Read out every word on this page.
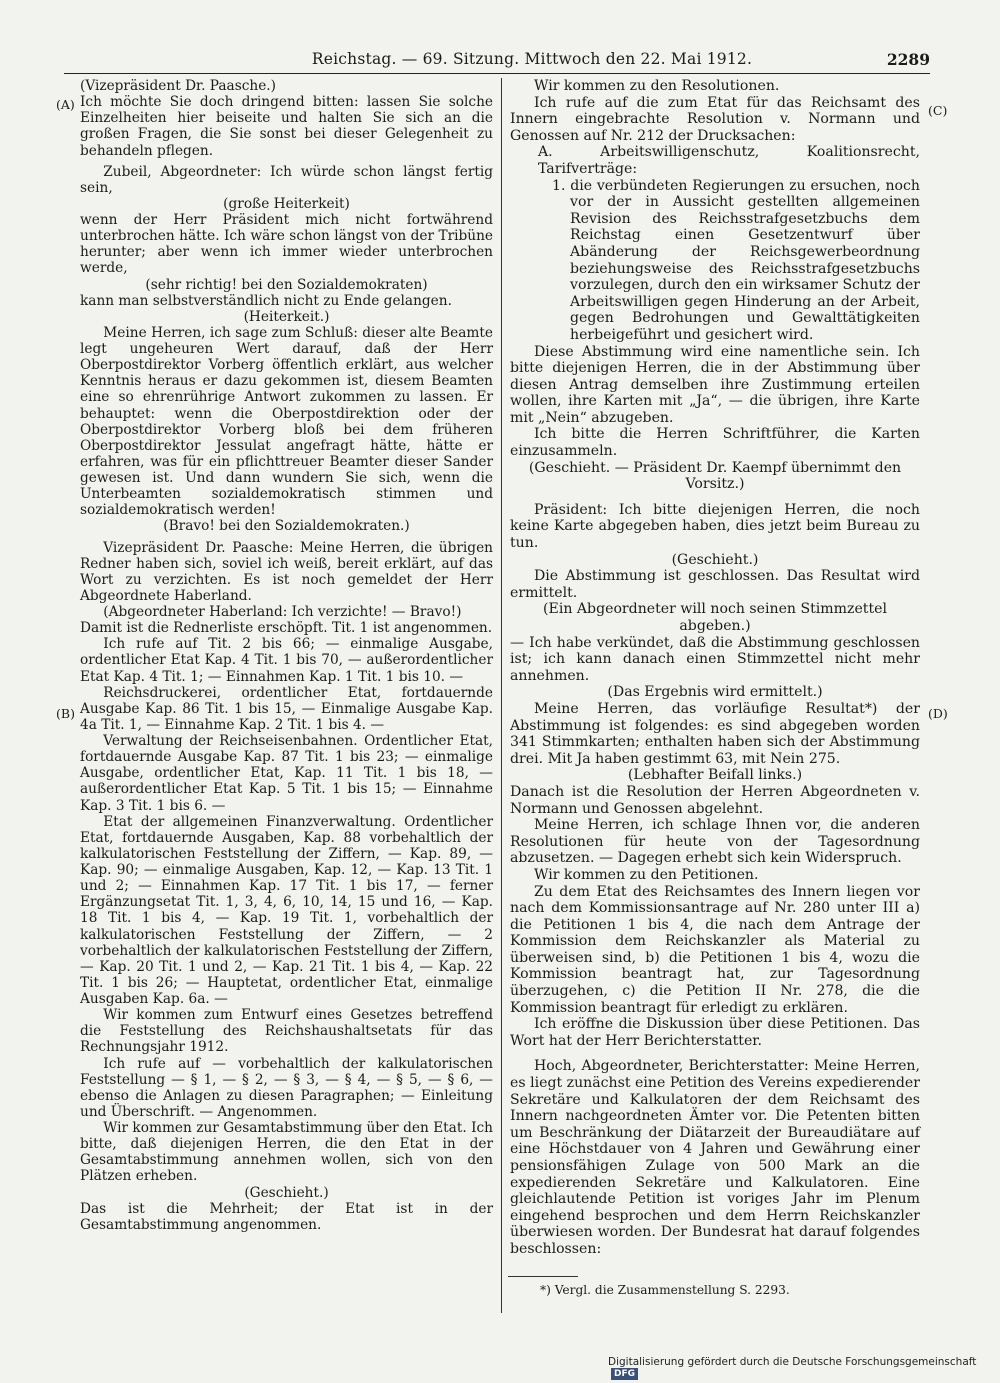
Reichstag. — 69. Sitzung. Mittwoch den 22. Mai 1912.	2289
(A)
(B)
(C)
(D)

(Vizepräsident Dr. Paasche.)

Ich möchte Sie doch dringend bitten: lassen Sie solche Einzelheiten hier beiseite und halten Sie sich an die großen Fragen, die Sie sonst bei dieser Gelegenheit zu behandeln pflegen.

Zubeil, Abgeordneter: Ich würde schon längst fertig sein,

(große Heiterkeit)

wenn der Herr Präsident mich nicht fortwährend unterbrochen hätte. Ich wäre schon längst von der Tribüne herunter; aber wenn ich immer wieder unterbrochen werde,

(sehr richtig! bei den Sozialdemokraten)

kann man selbstverständlich nicht zu Ende gelangen.

(Heiterkeit.)

Meine Herren, ich sage zum Schluß: dieser alte Beamte legt ungeheuren Wert darauf, daß der Herr Oberpostdirektor Vorberg öffentlich erklärt, aus welcher Kenntnis heraus er dazu gekommen ist, diesem Beamten eine so ehrenrührige Antwort zukommen zu lassen. Er behauptet: wenn die Oberpostdirektion oder der Oberpostdirektor Vorberg bloß bei dem früheren Oberpostdirektor Jessulat angefragt hätte, hätte er erfahren, was für ein pflichttreuer Beamter dieser Sander gewesen ist. Und dann wundern Sie sich, wenn die Unterbeamten sozialdemokratisch stimmen und sozialdemokratisch werden!

(Bravo! bei den Sozialdemokraten.)

Vizepräsident Dr. Paasche: Meine Herren, die übrigen Redner haben sich, soviel ich weiß, bereit erklärt, auf das Wort zu verzichten. Es ist noch gemeldet der Herr Abgeordnete Haberland.

(Abgeordneter Haberland: Ich verzichte! — Bravo!)

Damit ist die Rednerliste erschöpft. Tit. 1 ist angenommen.

Ich rufe auf Tit. 2 bis 66; — einmalige Ausgabe, ordentlicher Etat Kap. 4 Tit. 1 bis 70, — außerordentlicher Etat Kap. 4 Tit. 1; — Einnahmen Kap. 1 Tit. 1 bis 10. —

Reichsdruckerei, ordentlicher Etat, fortdauernde Ausgabe Kap. 86 Tit. 1 bis 15, — Einmalige Ausgabe Kap. 4a Tit. 1, — Einnahme Kap. 2 Tit. 1 bis 4. —

Verwaltung der Reichseisenbahnen. Ordentlicher Etat, fortdauernde Ausgabe Kap. 87 Tit. 1 bis 23; — einmalige Ausgabe, ordentlicher Etat, Kap. 11 Tit. 1 bis 18, — außerordentlicher Etat Kap. 5 Tit. 1 bis 15; — Einnahme Kap. 3 Tit. 1 bis 6. —

Etat der allgemeinen Finanzverwaltung. Ordentlicher Etat, fortdauernde Ausgaben, Kap. 88 vorbehaltlich der kalkulatorischen Feststellung der Ziffern, — Kap. 89, — Kap. 90; — einmalige Ausgaben, Kap. 12, — Kap. 13 Tit. 1 und 2; — Einnahmen Kap. 17 Tit. 1 bis 17, — ferner Ergänzungsetat Tit. 1, 3, 4, 6, 10, 14, 15 und 16, — Kap. 18 Tit. 1 bis 4, — Kap. 19 Tit. 1, vorbehaltlich der kalkulatorischen Feststellung der Ziffern, — 2 vorbehaltlich der kalkulatorischen Feststellung der Ziffern, — Kap. 20 Tit. 1 und 2, — Kap. 21 Tit. 1 bis 4, — Kap. 22 Tit. 1 bis 26; — Hauptetat, ordentlicher Etat, einmalige Ausgaben Kap. 6a. —

Wir kommen zum Entwurf eines Gesetzes betreffend die Feststellung des Reichshaushaltsetats für das Rechnungsjahr 1912.

Ich rufe auf — vorbehaltlich der kalkulatorischen Feststellung — § 1, — § 2, — § 3, — § 4, — § 5, — § 6, — ebenso die Anlagen zu diesen Paragraphen; — Einleitung und Überschrift. — Angenommen.

Wir kommen zur Gesamtabstimmung über den Etat. Ich bitte, daß diejenigen Herren, die den Etat in der Gesamtabstimmung annehmen wollen, sich von den Plätzen erheben.

(Geschieht.)

Das ist die Mehrheit; der Etat ist in der Gesamtabstimmung angenommen.

Wir kommen zu den Resolutionen.

Ich rufe auf die zum Etat für das Reichsamt des Innern eingebrachte Resolution v. Normann und Genossen auf Nr. 212 der Drucksachen:

A. Arbeitswilligenschutz, Koalitionsrecht, Tarifverträge:

1. die verbündeten Regierungen zu ersuchen, noch vor der in Aussicht gestellten allgemeinen Revision des Reichsstrafgesetzbuchs dem Reichstag einen Gesetzentwurf über Abänderung der Reichsgewerbeordnung beziehungsweise des Reichsstrafgesetzbuchs vorzulegen, durch den ein wirksamer Schutz der Arbeitswilligen gegen Hinderung an der Arbeit, gegen Bedrohungen und Gewalttätigkeiten herbeigeführt und gesichert wird.

Diese Abstimmung wird eine namentliche sein. Ich bitte diejenigen Herren, die in der Abstimmung über diesen Antrag demselben ihre Zustimmung erteilen wollen, ihre Karten mit „Ja“, — die übrigen, ihre Karte mit „Nein“ abzugeben.

Ich bitte die Herren Schriftführer, die Karten einzusammeln.

(Geschieht. — Präsident Dr. Kaempf übernimmt den Vorsitz.)

Präsident: Ich bitte diejenigen Herren, die noch keine Karte abgegeben haben, dies jetzt beim Bureau zu tun.

(Geschieht.)

Die Abstimmung ist geschlossen. Das Resultat wird ermittelt.

(Ein Abgeordneter will noch seinen Stimmzettel abgeben.)

— Ich habe verkündet, daß die Abstimmung geschlossen ist; ich kann danach einen Stimmzettel nicht mehr annehmen.

(Das Ergebnis wird ermittelt.)

Meine Herren, das vorläufige Resultat*) der Abstimmung ist folgendes: es sind abgegeben worden 341 Stimmkarten; enthalten haben sich der Abstimmung drei. Mit Ja haben gestimmt 63, mit Nein 275.

(Lebhafter Beifall links.)

Danach ist die Resolution der Herren Abgeordneten v. Normann und Genossen abgelehnt.

Meine Herren, ich schlage Ihnen vor, die anderen Resolutionen für heute von der Tagesordnung abzusetzen. — Dagegen erhebt sich kein Widerspruch.

Wir kommen zu den Petitionen.

Zu dem Etat des Reichsamtes des Innern liegen vor nach dem Kommissionsantrage auf Nr. 280 unter III a) die Petitionen 1 bis 4, die nach dem Antrage der Kommission dem Reichskanzler als Material zu überweisen sind, b) die Petitionen 1 bis 4, wozu die Kommission beantragt hat, zur Tagesordnung überzugehen, c) die Petition II Nr. 278, die die Kommission beantragt für erledigt zu erklären.

Ich eröffne die Diskussion über diese Petitionen. Das Wort hat der Herr Berichterstatter.

Hoch, Abgeordneter, Berichterstatter: Meine Herren, es liegt zunächst eine Petition des Vereins expedierender Sekretäre und Kalkulatoren der dem Reichsamt des Innern nachgeordneten Ämter vor. Die Petenten bitten um Beschränkung der Diätarzeit der Bureaudiätare auf eine Höchstdauer von 4 Jahren und Gewährung einer pensionsfähigen Zulage von 500 Mark an die expedierenden Sekretäre und Kalkulatoren. Eine gleichlautende Petition ist voriges Jahr im Plenum eingehend besprochen und dem Herrn Reichskanzler überwiesen worden. Der Bundesrat hat darauf folgendes beschlossen:

*) Vergl. die Zusammenstellung S. 2293.
Digitalisierung gefördert durch die Deutsche ForschungsgemeinschaftDFG
